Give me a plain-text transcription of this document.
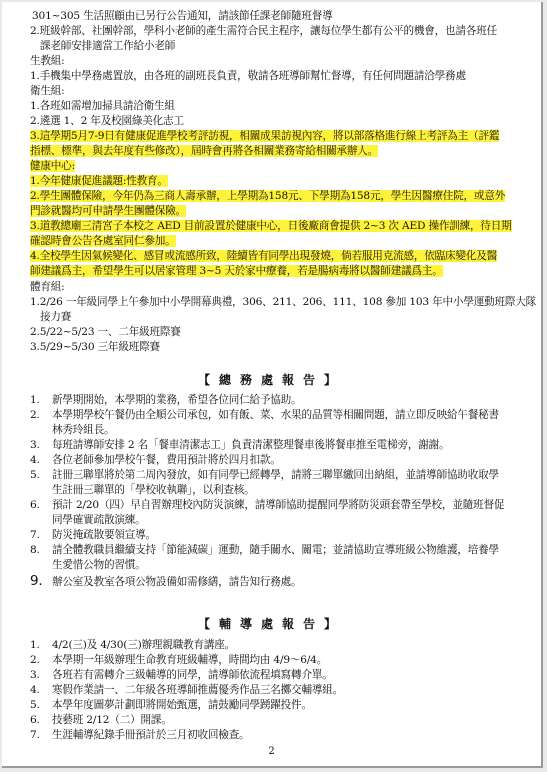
301~305 生活照顧由已另行公告通知，請該節任課老師隨班督導
2.班級幹部、社團幹部，學科小老師的產生需符合民主程序，讓每位學生都有公平的機會，也請各班任
課老師安排適當工作給小老師
生教組:
1.手機集中學務處置放，由各班的副班長負責，敬請各班導師幫忙督導，有任何問題請洽學務處
衛生組:
1.各班如需增加掃具請洽衛生組
2.遴選 1、2 年及校園綠美化志工
3.這學期5月7-9日有健康促進學校考評訪視，相關成果訪視內容，將以部落格進行線上考評為主（評鑑
指標、標準，與去年度有些修改），屆時會再將各相關業務寄給相關承辦人。
健康中心:
1.今年健康促進議題:性教育。
2.學生團體保險，今年仍為三商人壽承辦，上學期為158元、下學期為158元，學生因醫療住院，或意外
門診就醫均可申請學生團體保險。
3.道教總廟三清宮子本校之 AED 目前設置於健康中心，日後廠商會提供 2~3 次 AED 操作訓練，待日期
確認時會公告各處室同仁參加。
4.全校學生因氣候變化、感冒或流感所致，陸續皆有同學出現發燒，倘若服用克流感，依臨床變化及醫
師建議爲主，希望學生可以居家管理 3~5 天於家中療養，若是腸病毒將以醫師建議爲主。
體育組:
1.2/26 一年級同學上午參加中小學開幕典禮，306、211、206、111、108 參加 103 年中小學運動班際大隊
接力賽
2.5/22~5/23 一、二年級班際賽
3.5/29~5/30 三年級班際賽
【總務處報告】
1. 新學期開始，本學期的業務，希望各位同仁給予協助。
2. 本學期學校午餐仍由全順公司承包，如有飯、菜、水果的品質等相關問題，請立即反映給午餐秘書
林秀玲組長。
3. 每班請導師安排 2 名「餐車清潔志工」負責清潔整理餐車後將餐車推至電梯旁，謝謝。
4. 各位老師參加學校午餐，費用預計將於四月扣款。
5. 註冊三聯單將於第二周內發放，如有同學已經轉學，請將三聯單繳回出納組，並請導師協助收取學
生註冊三聯單的「學校收執聯」，以利查核。
6. 預計 2/20（四）早自習辦理校內防災演練，請導師協助提醒同學將防災頭套帶至學校，並隨班督促
同學確實疏散演練。
7. 防災掩疏散要領宣導。
8. 請全體教職員繼續支持「節能減碳」運動，隨手關水、關電；並請協助宣導班級公物維護，培養學
生愛惜公物的習慣。
9. 辦公室及教室各項公物設備如需修繕，請告知行務處。
【輔導處報告】
1. 4/2(三)及 4/30(三)辦理親職教育講座。
2. 本學期一年級辦理生命教育班級輔導，時間均由 4/9～6/4。
3. 各班若有需轉介三級輔導的同學，請導師依流程填寫轉介單。
4. 寒假作業請一、二年級各班導師推薦優秀作品三名擲交輔導組。
5. 本學年度圖夢計劃即將開始甄選，請鼓勵同學踴躍投件。
6. 技藝班 2/12（二）開課。
7. 生涯輔導紀錄手冊預計於三月初收回檢查。
2
